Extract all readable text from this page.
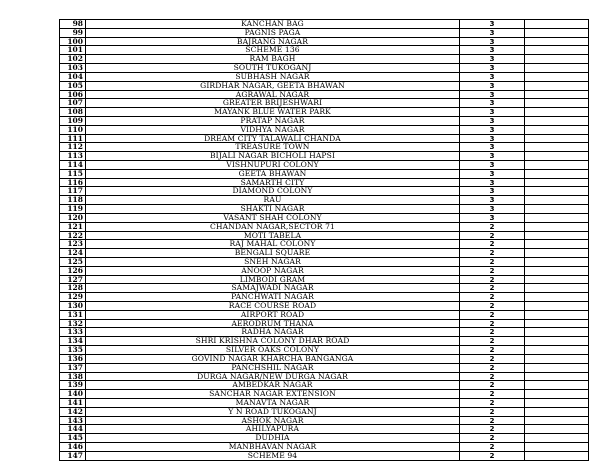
98	KANCHAN BAG	3	
99	PAGNIS PAGA	3	
100	BAJRANG NAGAR	3	
101	SCHEME 136	3	
102	RAM BAGH	3	
103	SOUTH TUKOGANJ	3	
104	SUBHASH NAGAR	3	
105	GIRDHAR NAGAR, GEETA BHAWAN	3	
106	AGRAWAL NAGAR	3	
107	GREATER BRIJESHWARI	3	
108	MAYANK BLUE WATER PARK	3	
109	PRATAP NAGAR	3	
110	VIDHYA NAGAR	3	
111	DREAM CITY TALAWALI CHANDA	3	
112	TREASURE TOWN	3	
113	BIJALI NAGAR BICHOLI HAPSI	3	
114	VISHNUPURI COLONY	3	
115	GEETA BHAWAN	3	
116	SAMARTH CITY	3	
117	DIAMOND COLONY	3	
118	RAU	3	
119	SHAKTI NAGAR	3	
120	VASANT SHAH COLONY	3	
121	CHANDAN NAGAR,SECTOR 71	2	
122	MOTI TABELA	2	
123	RAJ MAHAL COLONY	2	
124	BENGALI SQUARE	2	
125	SNEH NAGAR	2	
126	ANOOP NAGAR	2	
127	LIMBODI GRAM	2	
128	SAMAJWADI NAGAR	2	
129	PANCHWATI NAGAR	2	
130	RACE COURSE ROAD	2	
131	AIRPORT ROAD	2	
132	AERODRUM THANA	2	
133	RADHA NAGAR	2	
134	SHRI KRISHNA COLONY DHAR ROAD	2	
135	SILVER OAKS COLONY	2	
136	GOVIND NAGAR KHARCHA BANGANGA	2	
137	PANCHSHIL NAGAR	2	
138	DURGA NAGAR/NEW DURGA NAGAR	2	
139	AMBEDKAR NAGAR	2	
140	SANCHAR NAGAR EXTENSION	2	
141	MANAVTA NAGAR	2	
142	Y N ROAD TUKOGANJ	2	
143	ASHOK NAGAR	2	
144	AHILYAPURA	2	
145	DUDHIA	2	
146	MANBHAVAN NAGAR	2	
147	SCHEME 94	2	
